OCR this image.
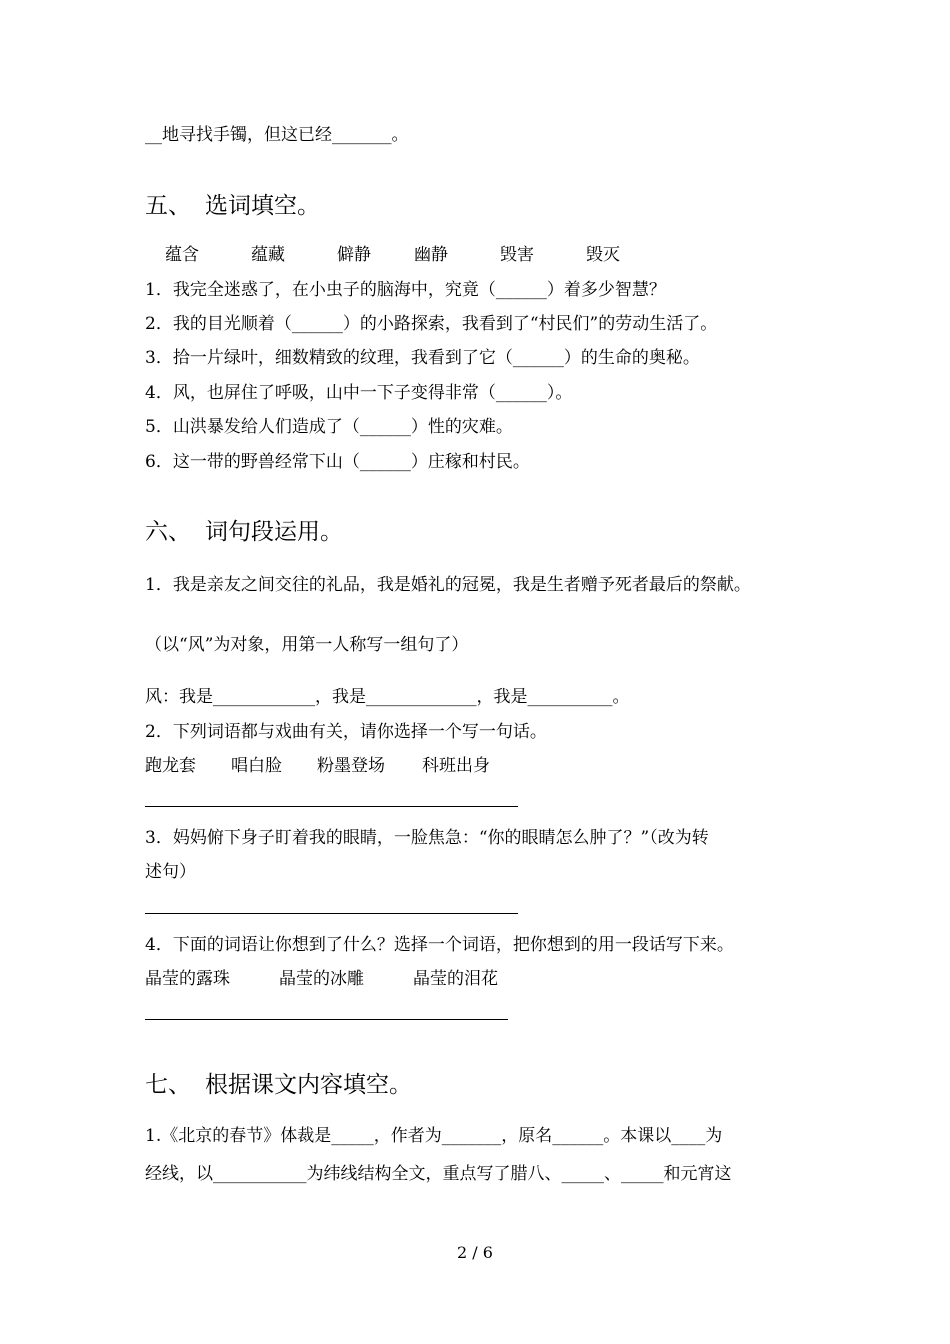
__地寻找手镯，但这已经_______。
五、 选词填空。
蕴含	蕴藏	僻静	幽静	毁害	毁灭
1．我完全迷惑了，在小虫子的脑海中，究竟（______）着多少智慧？
2．我的目光顺着（______）的小路探索，我看到了“村民们”的劳动生活了。
3．拾一片绿叶，细数精致的纹理，我看到了它（______）的生命的奥秘。
4．风，也屏住了呼吸，山中一下子变得非常（______）。
5．山洪暴发给人们造成了（______）性的灾难。
6．这一带的野兽经常下山（______）庄稼和村民。
六、 词句段运用。
1．我是亲友之间交往的礼品，我是婚礼的冠冕，我是生者赠予死者最后的祭献。
（以“风”为对象，用第一人称写一组句了）
风：我是____________，我是_____________，我是__________。
2．下列词语都与戏曲有关，请你选择一个写一句话。
跑龙套 唱白脸 粉墨登场 科班出身
3．妈妈俯下身子盯着我的眼睛，一脸焦急：“你的眼睛怎么肿了？”（改为转
述句）
4．下面的词语让你想到了什么？选择一个词语，把你想到的用一段话写下来。
晶莹的露珠	晶莹的冰雕	晶莹的泪花
七、 根据课文内容填空。
1.《北京的春节》体裁是_____，作者为_______，原名______。本课以____为
经线，以___________为纬线结构全文，重点写了腊八、_____、_____和元宵这
2 / 6
